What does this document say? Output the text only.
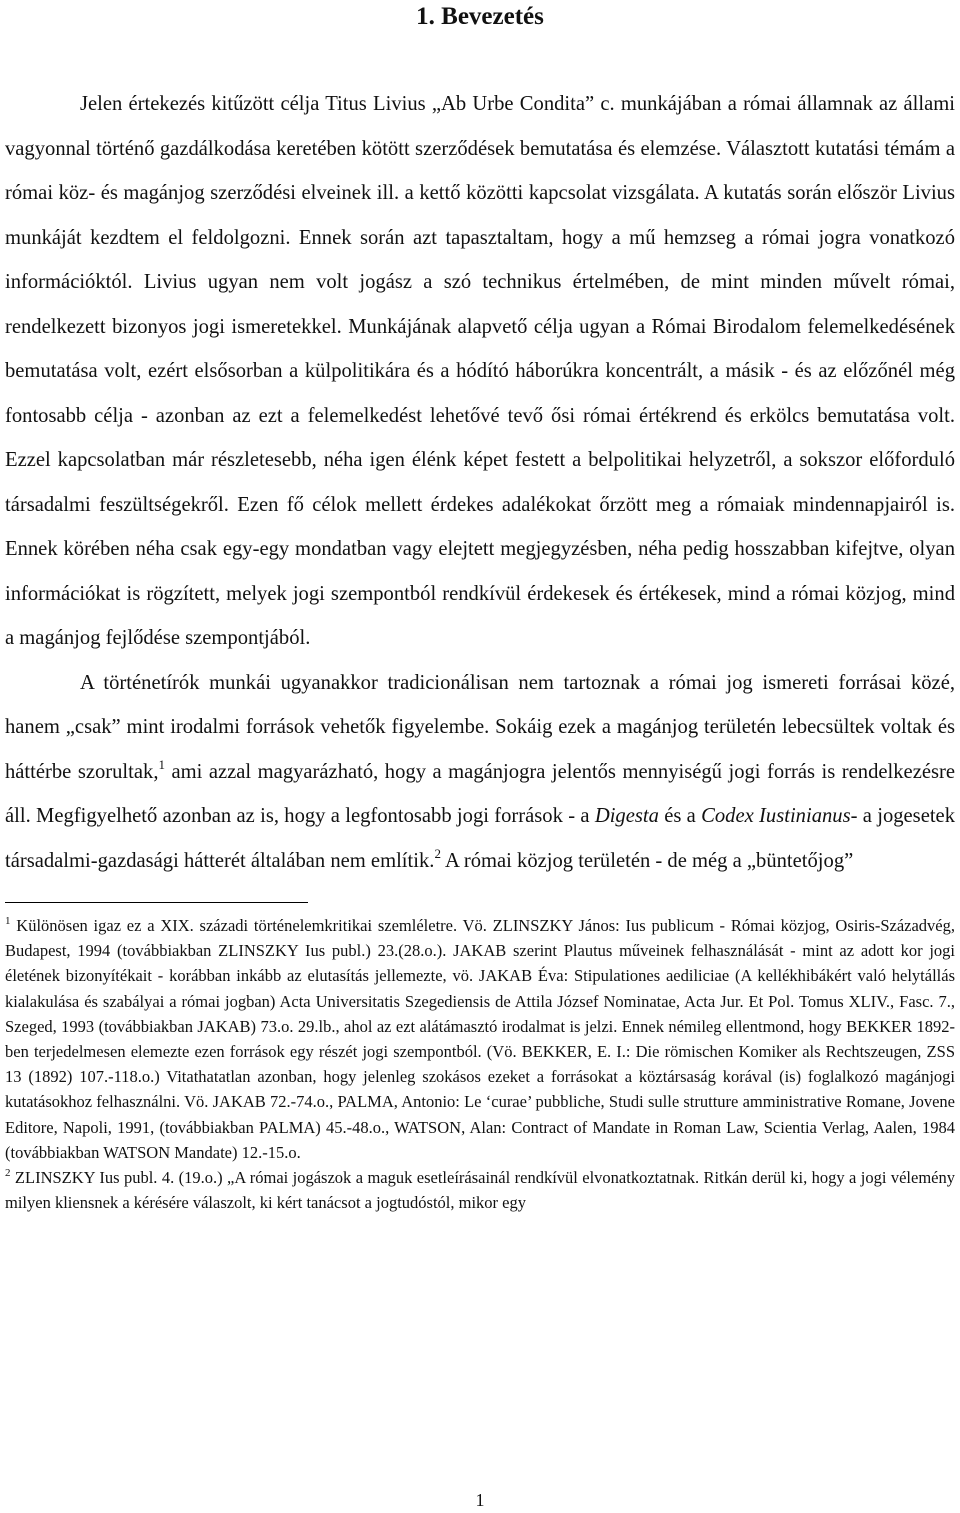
1. Bevezetés

Jelen értekezés kitűzött célja Titus Livius „Ab Urbe Condita” c. munkájában a római államnak az állami vagyonnal történő gazdálkodása keretében kötött szerződések bemutatása és elemzése. Választott kutatási témám a római köz- és magánjog szerződési elveinek ill. a kettő közötti kapcsolat vizsgálata. A kutatás során először Livius munkáját kezdtem el feldolgozni. Ennek során azt tapasztaltam, hogy a mű hemzseg a római jogra vonatkozó információktól. Livius ugyan nem volt jogász a szó technikus értelmében, de mint minden művelt római, rendelkezett bizonyos jogi ismeretekkel. Munkájának alapvető célja ugyan a Római Birodalom felemelkedésének bemutatása volt, ezért elsősorban a külpolitikára és a hódító háborúkra koncentrált, a másik - és az előzőnél még fontosabb célja - azonban az ezt a felemelkedést lehetővé tevő ősi római értékrend és erkölcs bemutatása volt. Ezzel kapcsolatban már részletesebb, néha igen élénk képet festett a belpolitikai helyzetről, a sokszor előforduló társadalmi feszültségekről. Ezen fő célok mellett érdekes adalékokat őrzött meg a rómaiak mindennapjairól is. Ennek körében néha csak egy-egy mondatban vagy elejtett megjegyzésben, néha pedig hosszabban kifejtve, olyan információkat is rögzített, melyek jogi szempontból rendkívül érdekesek és értékesek, mind a római közjog, mind a magánjog fejlődése szempontjából.

A történetírók munkái ugyanakkor tradicionálisan nem tartoznak a római jog ismereti forrásai közé, hanem „csak” mint irodalmi források vehetők figyelembe. Sokáig ezek a magánjog területén lebecsültek voltak és háttérbe szorultak,$^1$ ami azzal magyarázható, hogy a magánjogra jelentős mennyiségű jogi forrás is rendelkezésre áll. Megfigyelhető azonban az is, hogy a legfontosabb jogi források - a Digesta és a Codex Iustinianus- a jogesetek társadalmi-gazdasági hátterét általában nem említik.$^2$ A római közjog területén - de még a „büntetőjog”

$^1$ Különösen igaz ez a XIX. századi történelemkritikai szemléletre. Vö. ZLINSZKY János: Ius publicum - Római közjog, Osiris-Századvég, Budapest, 1994 (továbbiakban ZLINSZKY Ius publ.) 23.(28.o.). JAKAB szerint Plautus műveinek felhasználását - mint az adott kor jogi életének bizonyítékait - korábban inkább az elutasítás jellemezte, vö. JAKAB Éva: Stipulationes aediliciae (A kellékhibákért való helytállás kialakulása és szabályai a római jogban) Acta Universitatis Szegediensis de Attila József Nominatae, Acta Jur. Et Pol. Tomus XLIV., Fasc. 7., Szeged, 1993 (továbbiakban JAKAB) 73.o. 29.lb., ahol az ezt alátámasztó irodalmat is jelzi. Ennek némileg ellentmond, hogy BEKKER 1892-ben terjedelmesen elemezte ezen források egy részét jogi szempontból. (Vö. BEKKER, E. I.: Die römischen Komiker als Rechtszeugen, ZSS 13 (1892) 107.-118.o.) Vitathatatlan azonban, hogy jelenleg szokásos ezeket a forrásokat a köztársaság korával (is) foglalkozó magánjogi kutatásokhoz felhasználni. Vö. JAKAB 72.-74.o., PALMA, Antonio: Le ‘curae’ pubbliche, Studi sulle strutture amministrative Romane, Jovene Editore, Napoli, 1991, (továbbiakban PALMA) 45.-48.o., WATSON, Alan: Contract of Mandate in Roman Law, Scientia Verlag, Aalen, 1984 (továbbiakban WATSON Mandate) 12.-15.o.

$^2$ ZLINSZKY Ius publ. 4. (19.o.) „A római jogászok a maguk esetleírásainál rendkívül elvonatkoztatnak. Ritkán derül ki, hogy a jogi vélemény milyen kliensnek a kérésére válaszolt, ki kért tanácsot a jogtudóstól, mikor egy

1
